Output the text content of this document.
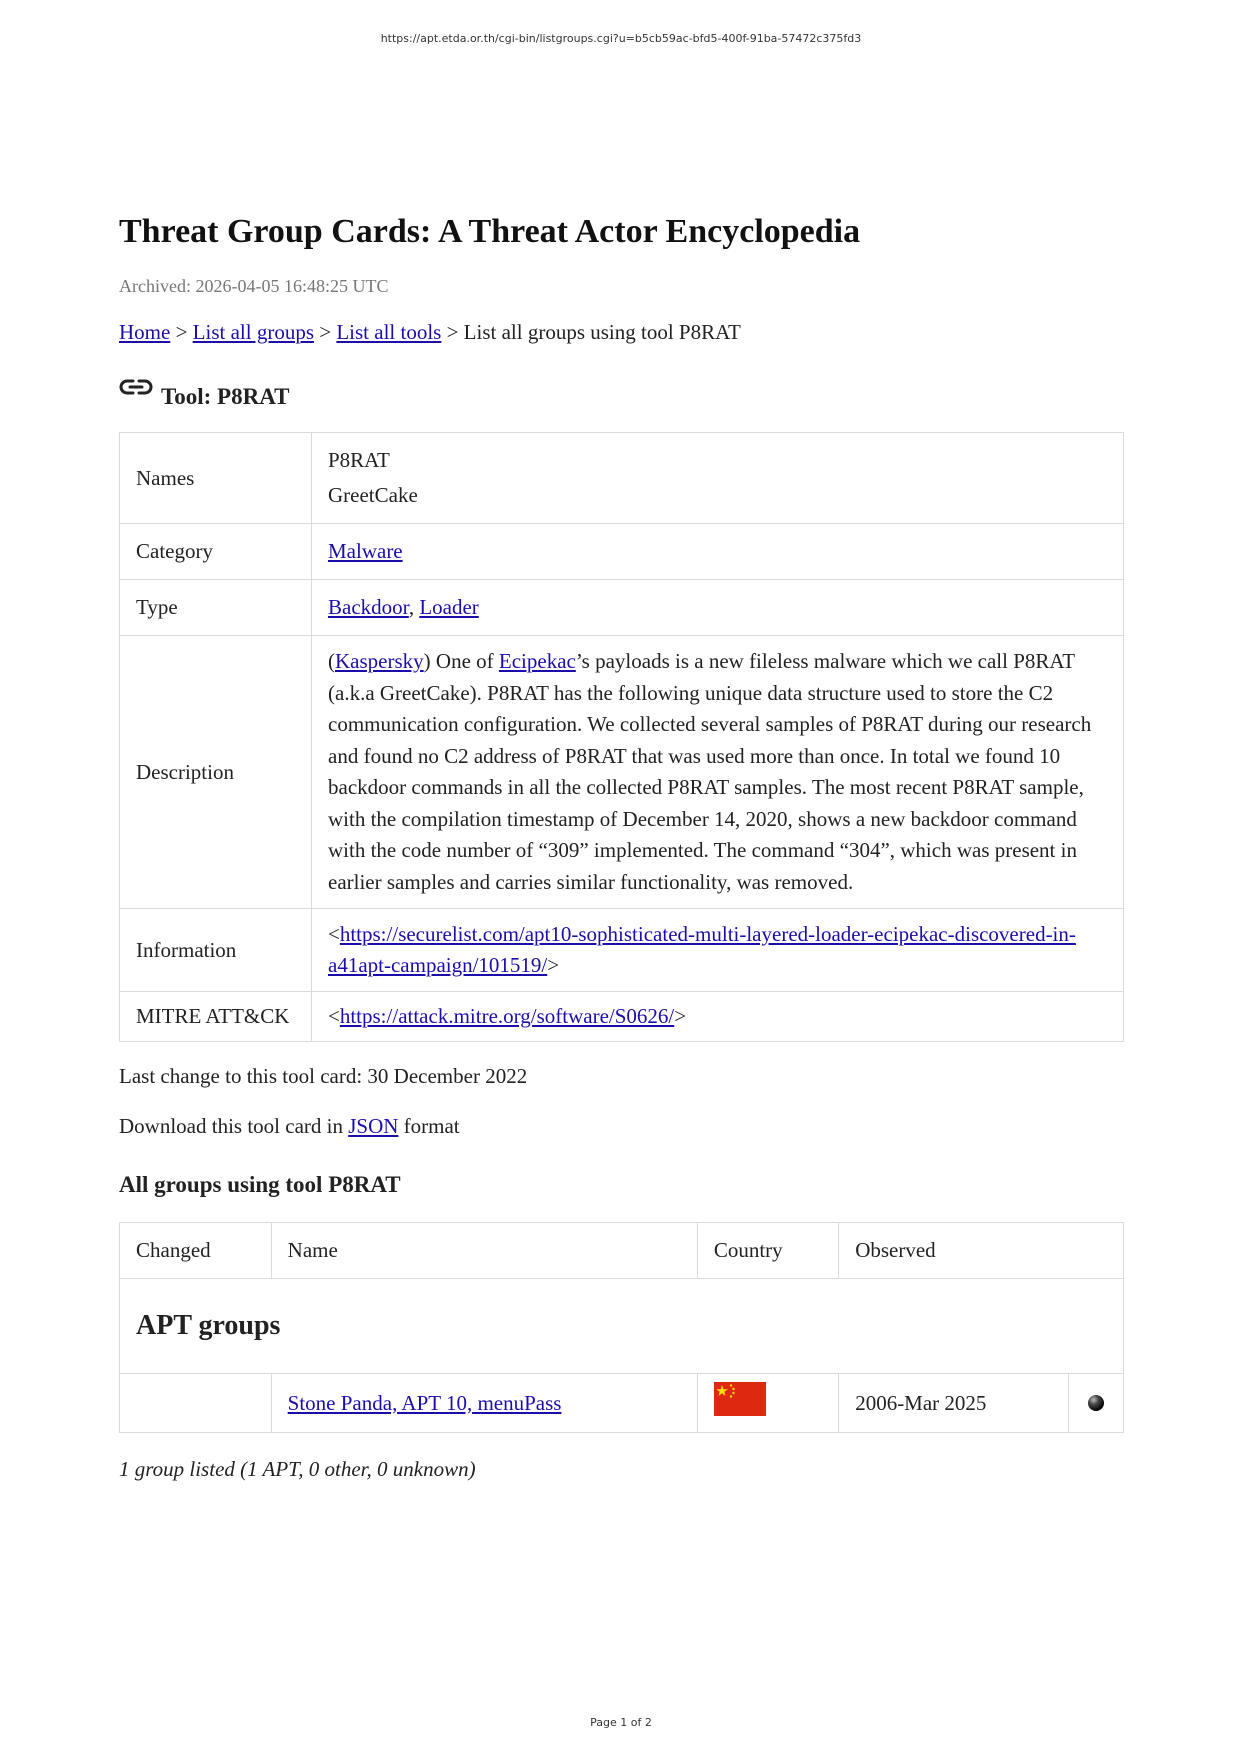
https://apt.etda.or.th/cgi-bin/listgroups.cgi?u=b5cb59ac-bfd5-400f-91ba-57472c375fd3
Threat Group Cards: A Threat Actor Encyclopedia
Archived: 2026-04-05 16:48:25 UTC
Home > List all groups > List all tools > List all groups using tool P8RAT
Tool: P8RAT
Names	P8RAT
GreetCake

Category	Malware
Type	Backdoor, Loader
Description	(Kaspersky) One of Ecipekac’s payloads is a new fileless malware which we call P8RAT (a.k.a GreetCake). P8RAT has the following unique data structure used to store the C2 communication configuration. We collected several samples of P8RAT during our research and found no C2 address of P8RAT that was used more than once. In total we found 10 backdoor commands in all the collected P8RAT samples. The most recent P8RAT sample, with the compilation timestamp of December 14, 2020, shows a new backdoor command with the code number of “309” implemented. The command “304”, which was present in earlier samples and carries similar functionality, was removed.
Information	<https://securelist.com/apt10-sophisticated-multi-layered-loader-ecipekac-discovered-in-a41apt-campaign/101519/>
MITRE ATT&CK	<https://attack.mitre.org/software/S0626/>
Last change to this tool card: 30 December 2022
Download this tool card in JSON format
All groups using tool P8RAT
Changed	Name	Country	Observed	
APT groups				
	Stone Panda, APT 10, menuPass		2006-Mar 2025	
1 group listed (1 APT, 0 other, 0 unknown)
Page 1 of 2
